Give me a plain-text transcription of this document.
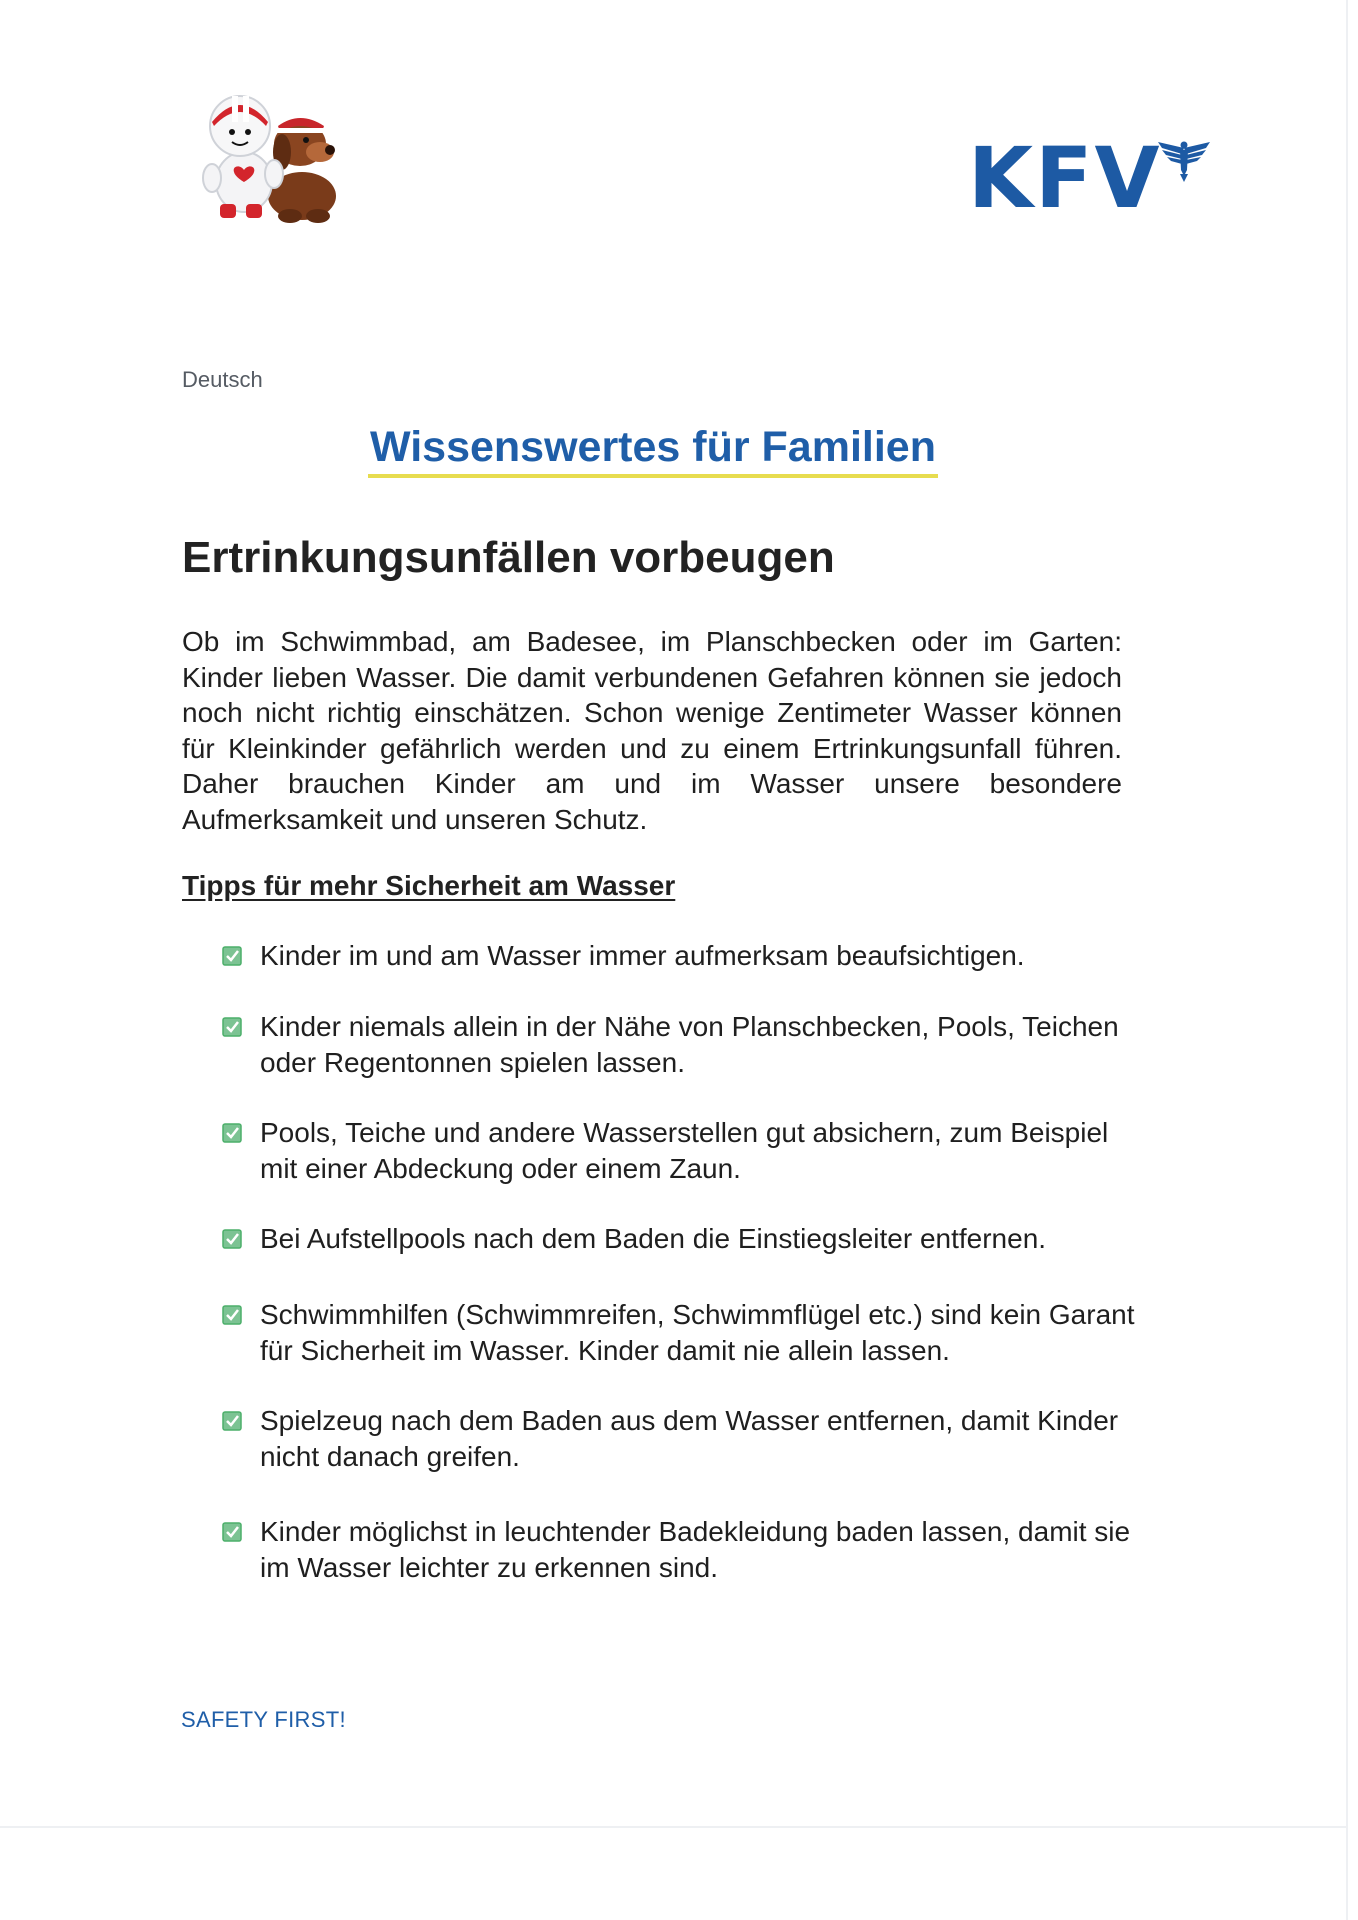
KFV
Deutsch
Wissenswertes für Familien
Ertrinkungsunfällen vorbeugen
Ob im Schwimmbad, am Badesee, im Planschbecken oder im Garten: Kinder lieben Wasser. Die damit verbundenen Gefahren können sie jedoch noch nicht richtig einschätzen. Schon wenige Zentimeter Wasser können für Kleinkinder gefährlich werden und zu einem Ertrinkungsunfall führen. Daher brauchen Kinder am und im Wasser unsere besondere Aufmerksamkeit und unseren Schutz.
Tipps für mehr Sicherheit am Wasser
Kinder im und am Wasser immer aufmerksam beaufsichtigen.
Kinder niemals allein in der Nähe von Planschbecken, Pools, Teichen oder Regentonnen spielen lassen.
Pools, Teiche und andere Wasserstellen gut absichern, zum Beispiel mit einer Abdeckung oder einem Zaun.
Bei Aufstellpools nach dem Baden die Einstiegsleiter entfernen.
Schwimmhilfen (Schwimmreifen, Schwimmflügel etc.) sind kein Garant für Sicherheit im Wasser. Kinder damit nie allein lassen.
Spielzeug nach dem Baden aus dem Wasser entfernen, damit Kinder nicht danach greifen.
Kinder möglichst in leuchtender Badekleidung baden lassen, damit sie im Wasser leichter zu erkennen sind.
SAFETY FIRST!
